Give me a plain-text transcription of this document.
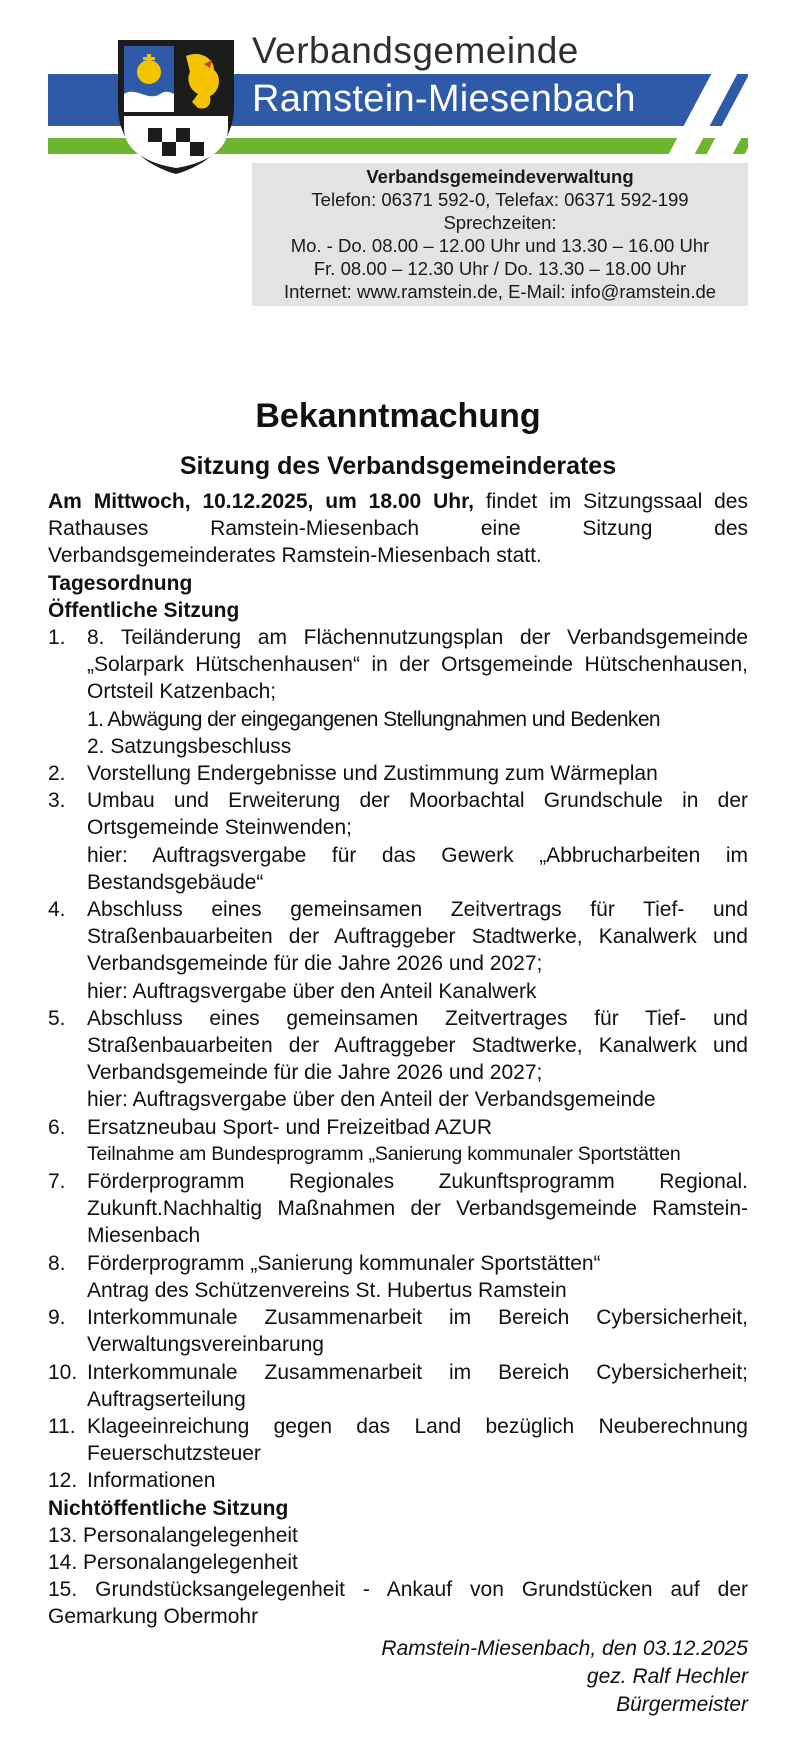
Verbandsgemeinde
Ramstein-Miesenbach
Verbandsgemeindeverwaltung
Telefon: 06371 592-0, Telefax: 06371 592-199
Sprechzeiten:
Mo. - Do. 08.00 – 12.00 Uhr und 13.30 – 16.00 Uhr
Fr. 08.00 – 12.30 Uhr / Do. 13.30 – 18.00 Uhr
Internet: www.ramstein.de, E-Mail: info@ramstein.de
Bekanntmachung
Sitzung des Verbandsgemeinderates
Am Mittwoch, 10.12.2025, um 18.00 Uhr, findet im Sitzungssaal des Rathauses Ramstein-Miesenbach eine Sitzung des Verbandsgemeinderates Ramstein-Miesenbach statt.
Tagesordnung
Öffentliche Sitzung
1.	8. Teiländerung am Flächennutzungsplan der Verbandsgemeinde „Solarpark Hütschenhausen“ in der Ortsgemeinde Hütschenhausen, Ortsteil Katzenbach;
1. Abwägung der eingegangenen Stellungnahmen und Bedenken
2. Satzungsbeschluss
2.	Vorstellung Endergebnisse und Zustimmung zum Wärmeplan
3.	Umbau und Erweiterung der Moorbachtal Grundschule in der Ortsgemeinde Steinwenden;
hier: Auftragsvergabe für das Gewerk „Abbrucharbeiten im Bestandsgebäude“
4.	Abschluss eines gemeinsamen Zeitvertrags für Tief- und Straßenbauarbeiten der Auftraggeber Stadtwerke, Kanalwerk und Verbandsgemeinde für die Jahre 2026 und 2027;
hier: Auftragsvergabe über den Anteil Kanalwerk
5.	Abschluss eines gemeinsamen Zeitvertrages für Tief- und Straßenbauarbeiten der Auftraggeber Stadtwerke, Kanalwerk und Verbandsgemeinde für die Jahre 2026 und 2027;
hier: Auftragsvergabe über den Anteil der Verbandsgemeinde
6.	Ersatzneubau Sport- und Freizeitbad AZUR
Teilnahme am Bundesprogramm „Sanierung kommunaler Sportstätten
7.	Förderprogramm Regionales Zukunftsprogramm Regional. Zukunft.Nachhaltig Maßnahmen der Verbandsgemeinde Ramstein-Miesenbach
8.	Förderprogramm „Sanierung kommunaler Sportstätten“
Antrag des Schützenvereins St. Hubertus Ramstein
9.	Interkommunale Zusammenarbeit im Bereich Cybersicherheit, Verwaltungsvereinbarung
10. Interkommunale Zusammenarbeit im Bereich Cybersicherheit; Auftragserteilung
11. Klageeinreichung gegen das Land bezüglich Neuberechnung Feuerschutzsteuer
12. Informationen
Nichtöffentliche Sitzung
13. Personalangelegenheit
14. Personalangelegenheit
15. Grundstücksangelegenheit - Ankauf von Grundstücken auf der Gemarkung Obermohr
Ramstein-Miesenbach, den 03.12.2025
gez. Ralf Hechler
Bürgermeister
